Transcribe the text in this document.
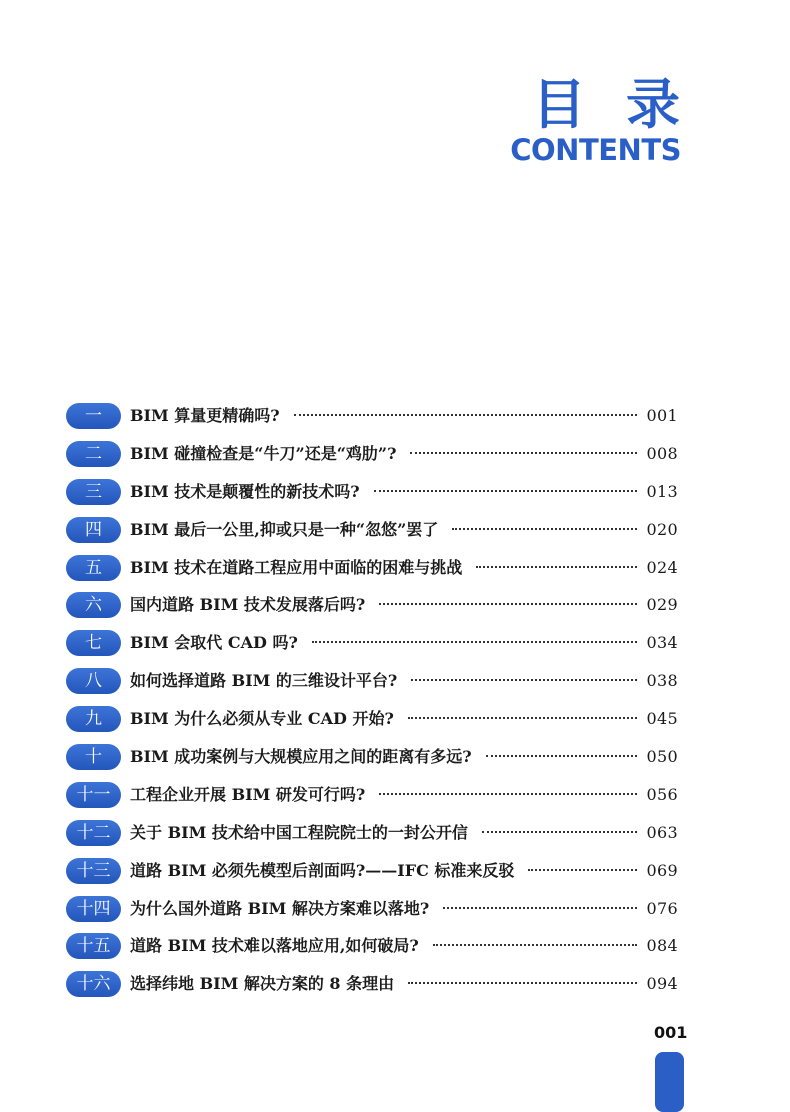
目录
CONTENTS
一	BIM 算量更精确吗?	001
二	BIM 碰撞检查是“牛刀”还是“鸡肋”?	008
三	BIM 技术是颠覆性的新技术吗?	013
四	BIM 最后一公里,抑或只是一种“忽悠”罢了	020
五	BIM 技术在道路工程应用中面临的困难与挑战	024
六	国内道路 BIM 技术发展落后吗?	029
七	BIM 会取代 CAD 吗?	034
八	如何选择道路 BIM 的三维设计平台?	038
九	BIM 为什么必须从专业 CAD 开始?	045
十	BIM 成功案例与大规模应用之间的距离有多远?	050
十一	工程企业开展 BIM 研发可行吗?	056
十二	关于 BIM 技术给中国工程院院士的一封公开信	063
十三	道路 BIM 必须先模型后剖面吗?——IFC 标准来反驳	069
十四	为什么国外道路 BIM 解决方案难以落地?	076
十五	道路 BIM 技术难以落地应用,如何破局?	084
十六	选择纬地 BIM 解决方案的 8 条理由	094
001
